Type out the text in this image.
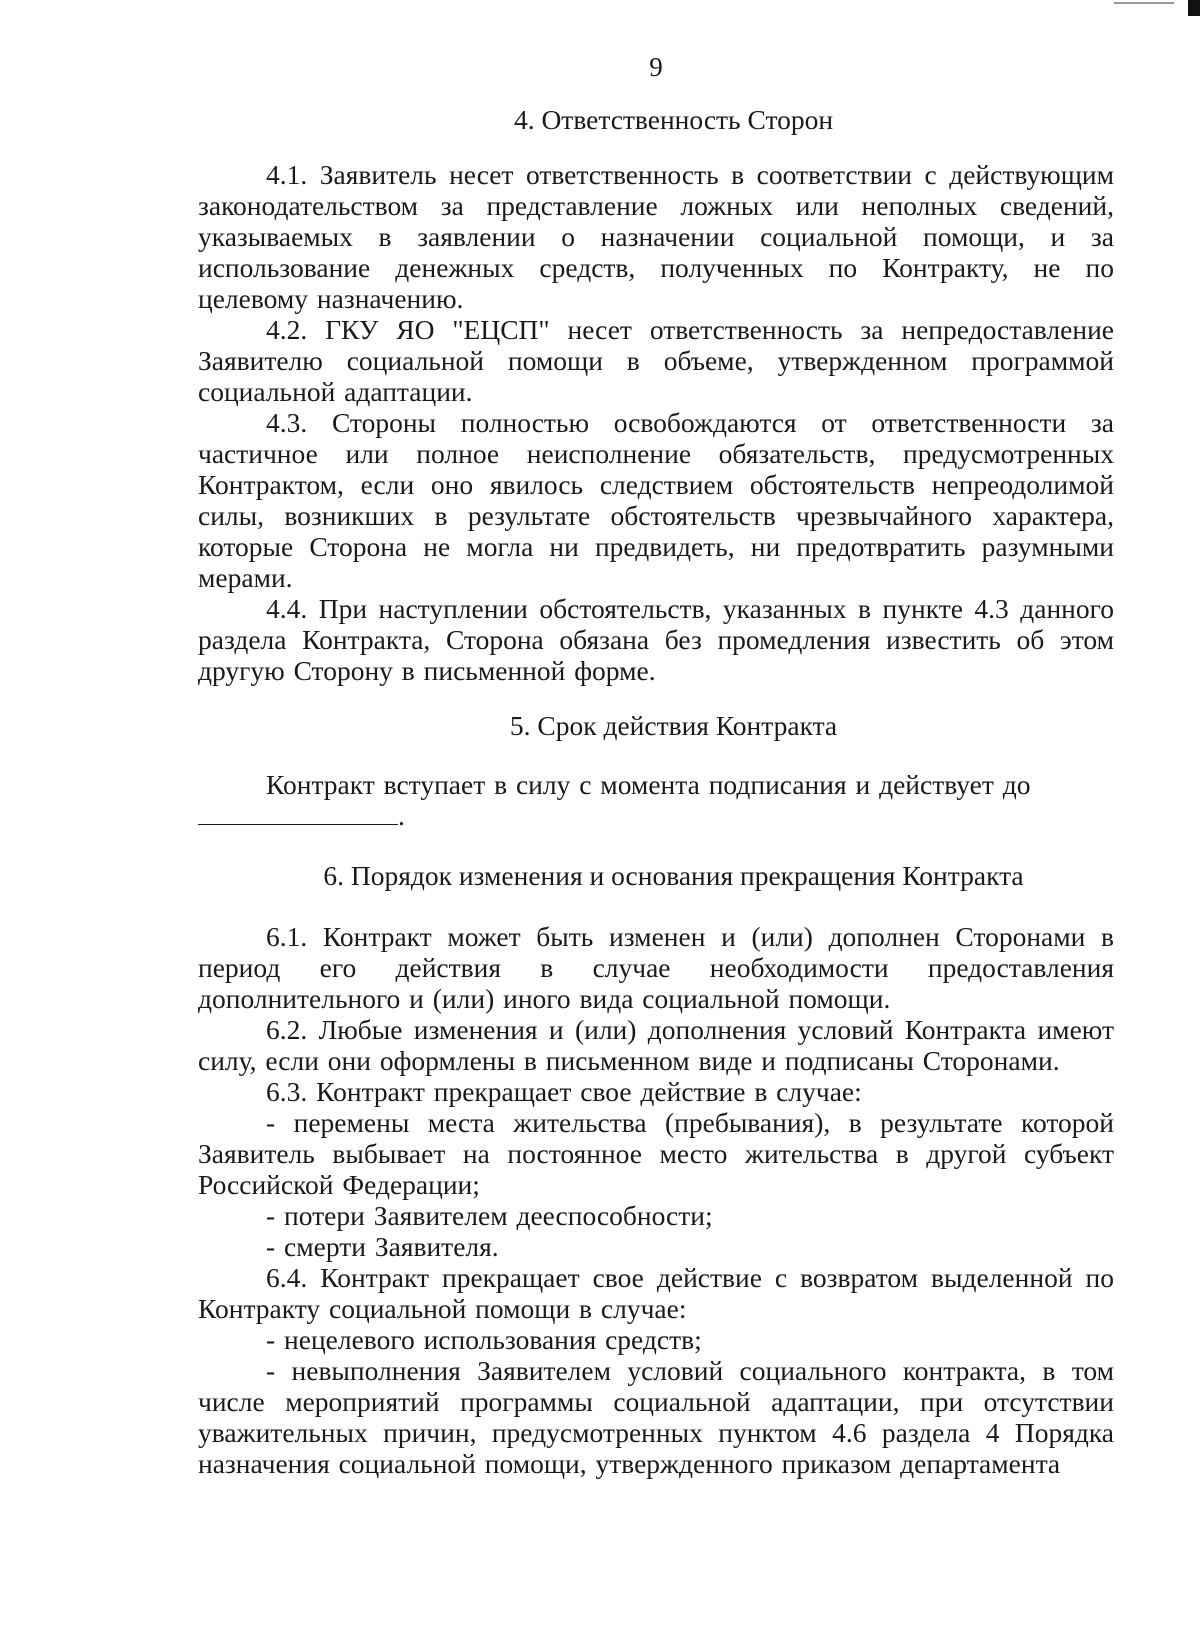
9
4. Ответственность Сторон

4.1. Заявитель несет ответственность в соответствии с действующим законодательством за представление ложных или неполных сведений, указываемых в заявлении о назначении социальной помощи, и за использование денежных средств, полученных по Контракту, не по целевому назначению.

4.2. ГКУ ЯО "ЕЦСП" несет ответственность за непредоставление Заявителю социальной помощи в объеме, утвержденном программой социальной адаптации.

4.3. Стороны полностью освобождаются от ответственности за частичное или полное неисполнение обязательств, предусмотренных Контрактом, если оно явилось следствием обстоятельств непреодолимой силы, возникших в результате обстоятельств чрезвычайного характера, которые Сторона не могла ни предвидеть, ни предотвратить разумными мерами.

4.4. При наступлении обстоятельств, указанных в пункте 4.3 данного раздела Контракта, Сторона обязана без промедления известить об этом другую Сторону в письменной форме.

5. Срок действия Контракта

Контракт вступает в силу с момента подписания и действует до

.

6. Порядок изменения и основания прекращения Контракта

6.1. Контракт может быть изменен и (или) дополнен Сторонами в период его действия в случае необходимости предоставления дополнительного и (или) иного вида социальной помощи.

6.2. Любые изменения и (или) дополнения условий Контракта имеют силу, если они оформлены в письменном виде и подписаны Сторонами.

6.3. Контракт прекращает свое действие в случае:

- перемены места жительства (пребывания), в результате которой Заявитель выбывает на постоянное место жительства в другой субъект Российской Федерации;

- потери Заявителем дееспособности;

- смерти Заявителя.

6.4. Контракт прекращает свое действие с возвратом выделенной по Контракту социальной помощи в случае:

- нецелевого использования средств;

- невыполнения Заявителем условий социального контракта, в том числе мероприятий программы социальной адаптации, при отсутствии уважительных причин, предусмотренных пунктом 4.6 раздела 4 Порядка назначения социальной помощи, утвержденного приказом департамента
